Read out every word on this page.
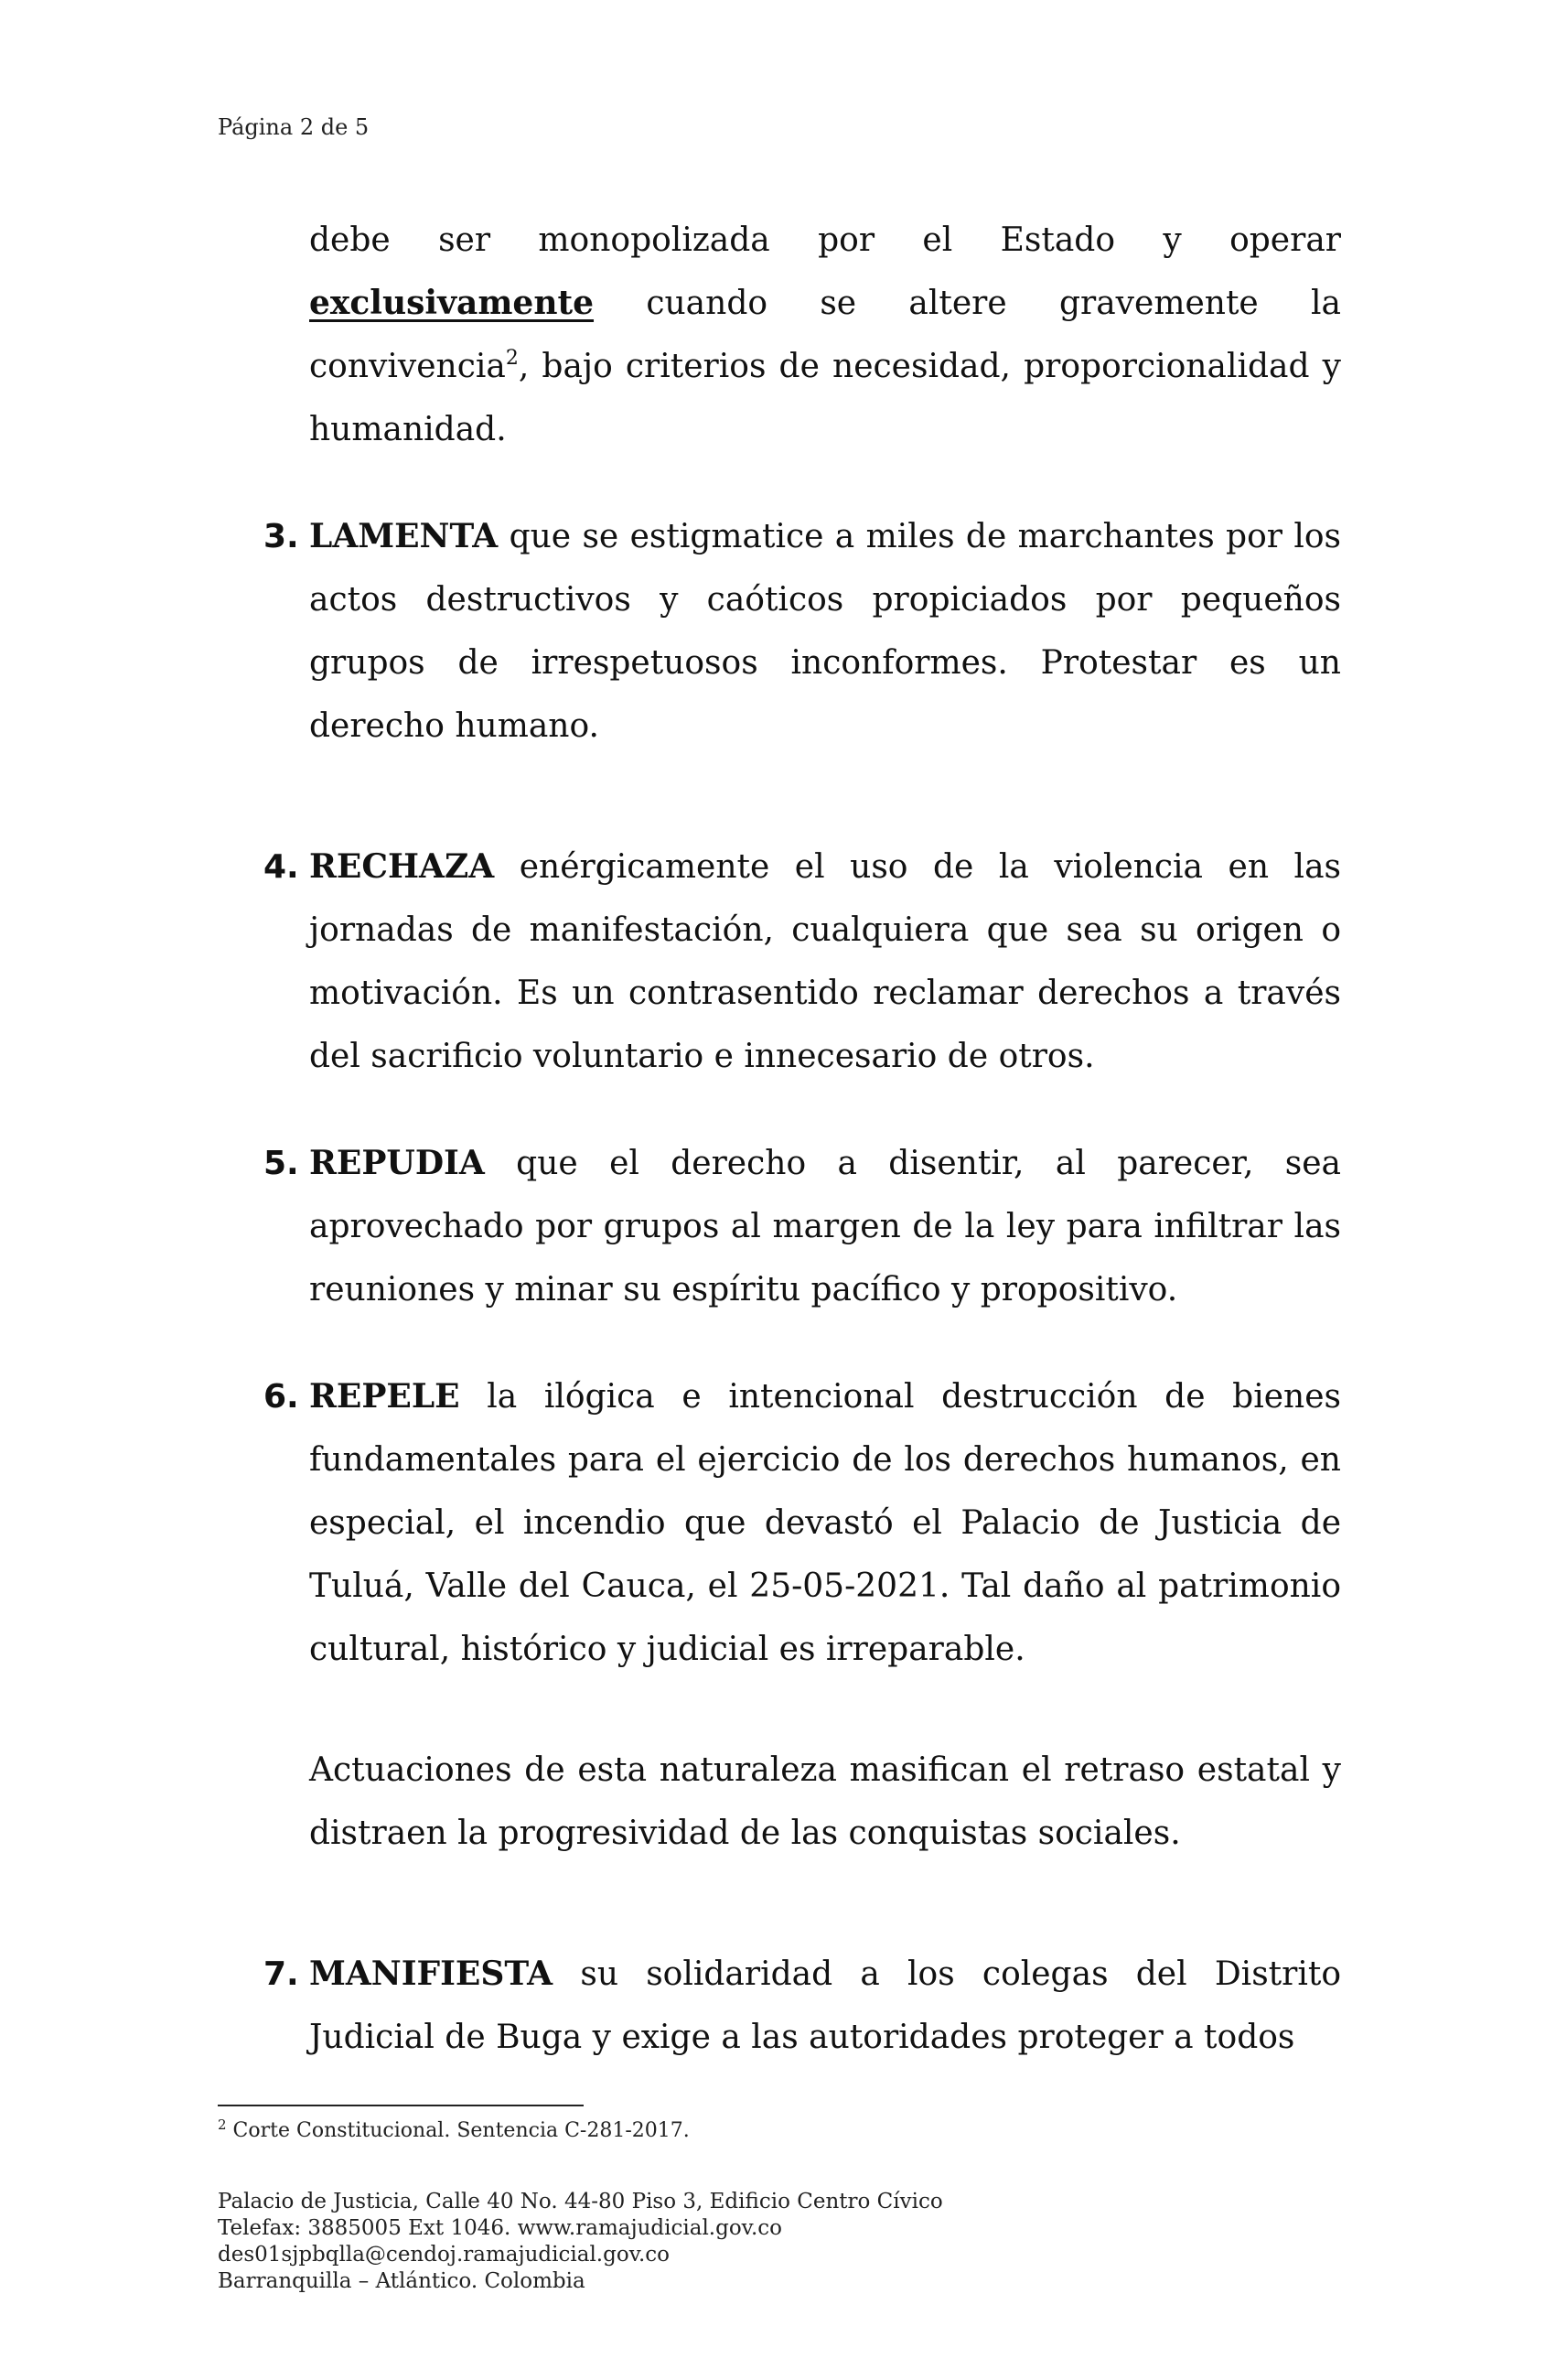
Página 2 de 5

debe ser monopolizada por el Estado y operar exclusivamente cuando se altere gravemente la convivencia$^2$, bajo criterios de necesidad, proporcionalidad y humanidad.

3. LAMENTA que se estigmatice a miles de marchantes por los actos destructivos y caóticos propiciados por pequeños grupos de irrespetuosos inconformes. Protestar es un derecho humano.

4. RECHAZA enérgicamente el uso de la violencia en las jornadas de manifestación, cualquiera que sea su origen o motivación. Es un contrasentido reclamar derechos a través del sacrificio voluntario e innecesario de otros.

5. REPUDIA que el derecho a disentir, al parecer, sea aprovechado por grupos al margen de la ley para infiltrar las reuniones y minar su espíritu pacífico y propositivo.

6. REPELE la ilógica e intencional destrucción de bienes fundamentales para el ejercicio de los derechos humanos, en especial, el incendio que devastó el Palacio de Justicia de Tuluá, Valle del Cauca, el 25-05-2021. Tal daño al patrimonio cultural, histórico y judicial es irreparable.

Actuaciones de esta naturaleza masifican el retraso estatal y distraen la progresividad de las conquistas sociales.

7. MANIFIESTA su solidaridad a los colegas del Distrito Judicial de Buga y exige a las autoridades proteger a todos

$^2$ Corte Constitucional. Sentencia C-281-2017.
Palacio de Justicia, Calle 40 No. 44-80 Piso 3, Edificio Centro Cívico
Telefax: 3885005 Ext 1046. www.ramajudicial.gov.co
des01sjpbqlla@cendoj.ramajudicial.gov.co
Barranquilla – Atlántico. Colombia
